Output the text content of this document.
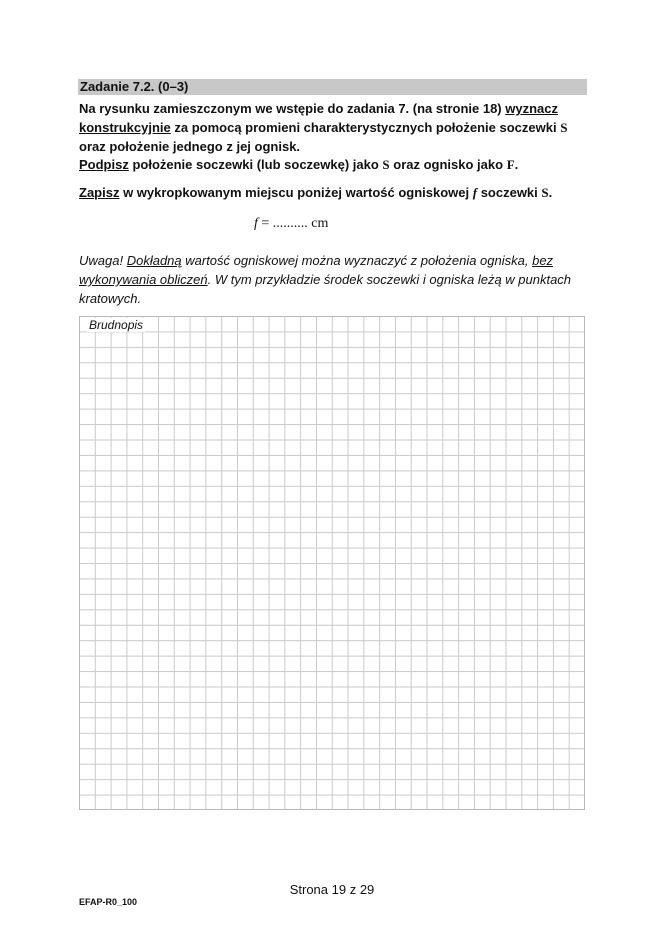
Zadanie 7.2. (0–3)

Na rysunku zamieszczonym we wstępie do zadania 7. (na stronie 18) wyznacz konstrukcyjnie za pomocą promieni charakterystycznych położenie soczewki S oraz położenie jednego z jej ognisk.

Podpisz położenie soczewki (lub soczewkę) jako S oraz ognisko jako F.

Zapisz w wykropkowanym miejscu poniżej wartość ogniskowej f soczewki S.

f = .......... cm

Uwaga! Dokładną wartość ogniskowej można wyznaczyć z położenia ogniska, bez wykonywania obliczeń. W tym przykładzie środek soczewki i ogniska leżą w punktach kratowych.

Brudnopis
Strona 19 z 29
EFAP-R0_100
